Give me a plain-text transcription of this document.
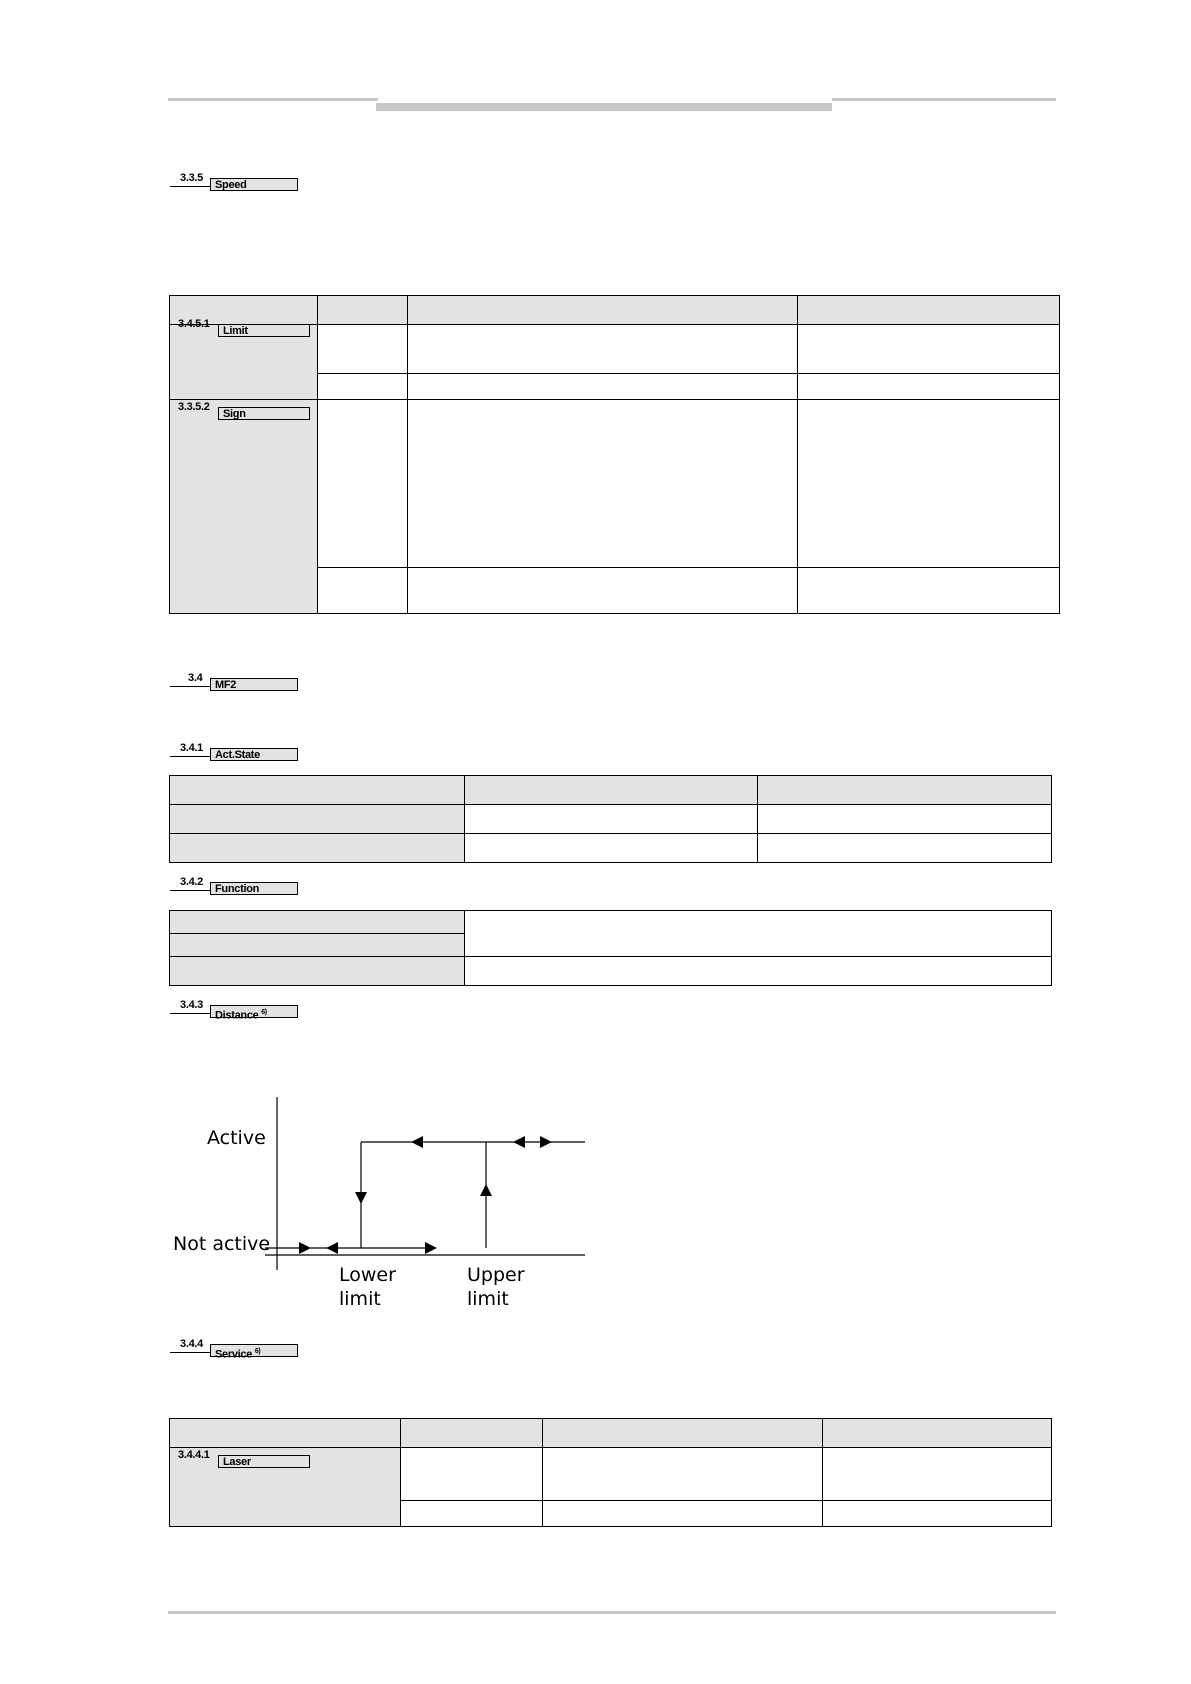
3.3.5
Speed

3.4.5.1
Limit			

3.3.5.2
Sign			

3.4
MF2
3.4.1
Act.State

3.4.2
Function

3.4.3
Distance $^{6)}$
Active
Not active
Lower
limit
Upper
limit
3.4.4
Service $^{6)}$

3.4.4.1
Laser			
